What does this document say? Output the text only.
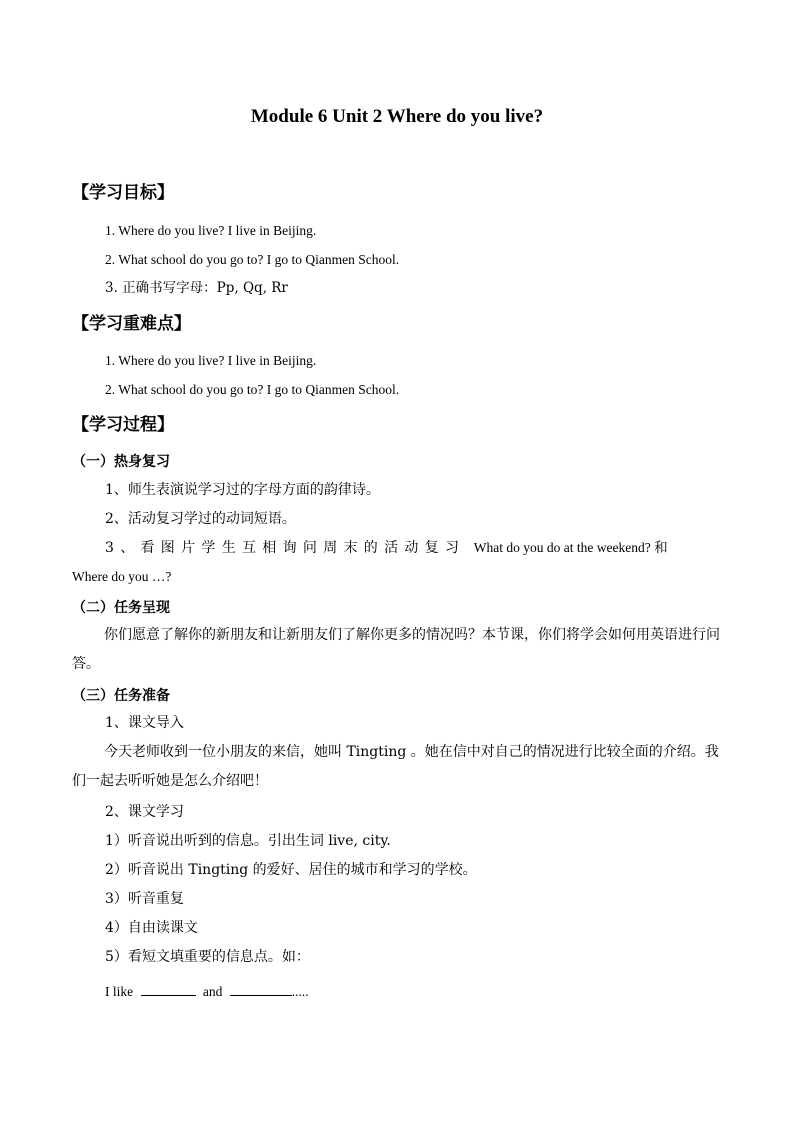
Module 6 Unit 2 Where do you live?
【学习目标】
1. Where do you live? I live in Beijing.
2. What school do you go to? I go to Qianmen School.
3. 正确书写字母：Pp, Qq, Rr
【学习重难点】
1. Where do you live? I live in Beijing.
2. What school do you go to? I go to Qianmen School.
【学习过程】
（一）热身复习
1、师生表演说学习过的字母方面的韵律诗。
2、活动复习学过的动词短语。
3、看图片学生互相询问周末的活动复习 What do you do at the weekend? 和
Where do you …?
（二）任务呈现
你们愿意了解你的新朋友和让新朋友们了解你更多的情况吗？本节课，你们将学会如何用英语进行问答。
（三）任务准备
1、课文导入
今天老师收到一位小朋友的来信，她叫 Tingting 。她在信中对自己的情况进行比较全面的介绍。我们一起去听听她是怎么介绍吧！
2、课文学习
1）听音说出听到的信息。引出生词 live, city.
2）听音说出 Tingting 的爱好、居住的城市和学习的学校。
3）听音重复
4）自由读课文
5）看短文填重要的信息点。如：
I like	and	.....
